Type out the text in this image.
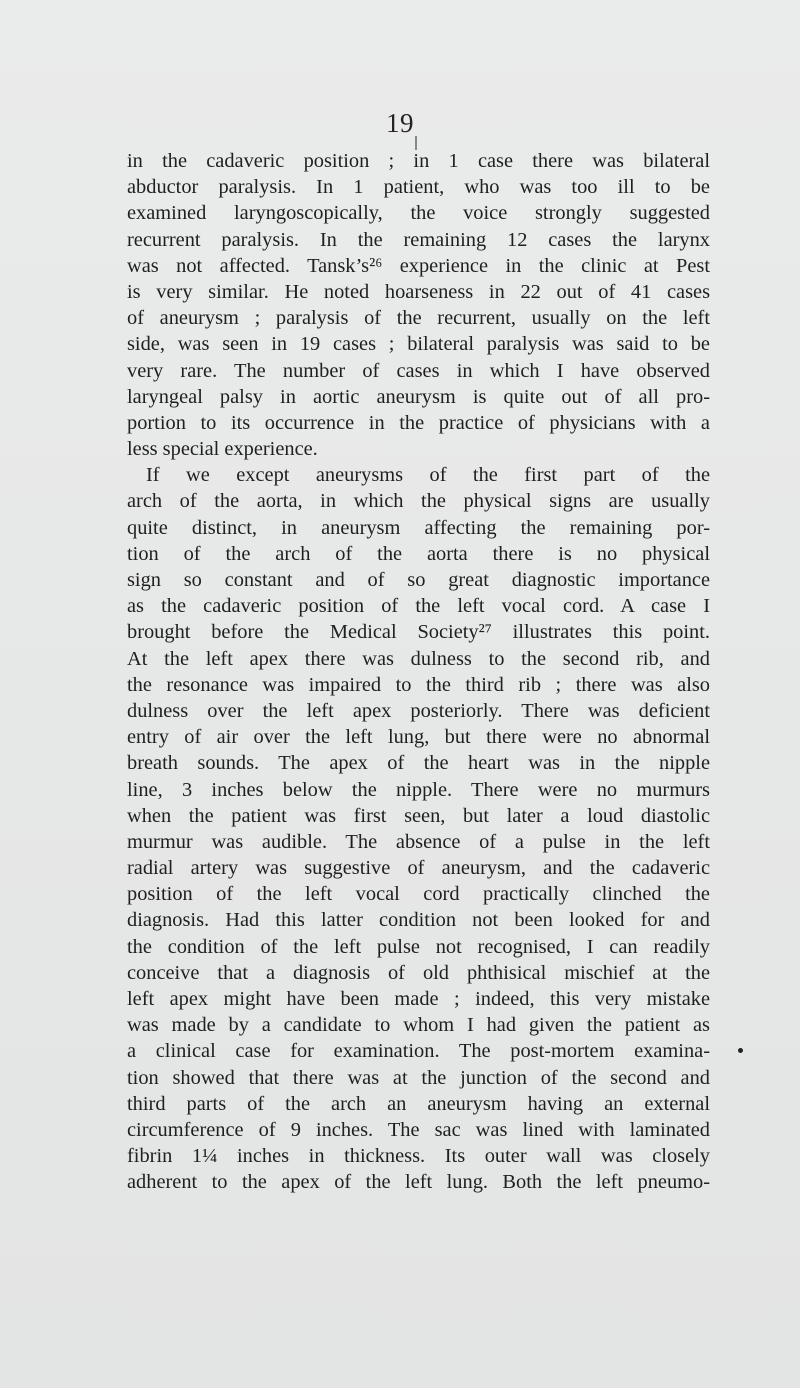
19
in the cadaveric position ; in 1 case there was bilateral
abductor paralysis. In 1 patient, who was too ill to be
examined laryngoscopically, the voice strongly suggested
recurrent paralysis. In the remaining 12 cases the larynx
was not affected. Tansk’s²⁶ experience in the clinic at Pest
is very similar. He noted hoarseness in 22 out of 41 cases
of aneurysm ; paralysis of the recurrent, usually on the left
side, was seen in 19 cases ; bilateral paralysis was said to be
very rare. The number of cases in which I have observed
laryngeal palsy in aortic aneurysm is quite out of all pro-
portion to its occurrence in the practice of physicians with a
less special experience.
If we except aneurysms of the first part of the
arch of the aorta, in which the physical signs are usually
quite distinct, in aneurysm affecting the remaining por-
tion of the arch of the aorta there is no physical
sign so constant and of so great diagnostic importance
as the cadaveric position of the left vocal cord. A case I
brought before the Medical Society²⁷ illustrates this point.
At the left apex there was dulness to the second rib, and
the resonance was impaired to the third rib ; there was also
dulness over the left apex posteriorly. There was deficient
entry of air over the left lung, but there were no abnormal
breath sounds. The apex of the heart was in the nipple
line, 3 inches below the nipple. There were no murmurs
when the patient was first seen, but later a loud diastolic
murmur was audible. The absence of a pulse in the left
radial artery was suggestive of aneurysm, and the cadaveric
position of the left vocal cord practically clinched the
diagnosis. Had this latter condition not been looked for and
the condition of the left pulse not recognised, I can readily
conceive that a diagnosis of old phthisical mischief at the
left apex might have been made ; indeed, this very mistake
was made by a candidate to whom I had given the patient as
a clinical case for examination. The post-mortem examina-
tion showed that there was at the junction of the second and
third parts of the arch an aneurysm having an external
circumference of 9 inches. The sac was lined with laminated
fibrin 1¼ inches in thickness. Its outer wall was closely
adherent to the apex of the left lung. Both the left pneumo-
